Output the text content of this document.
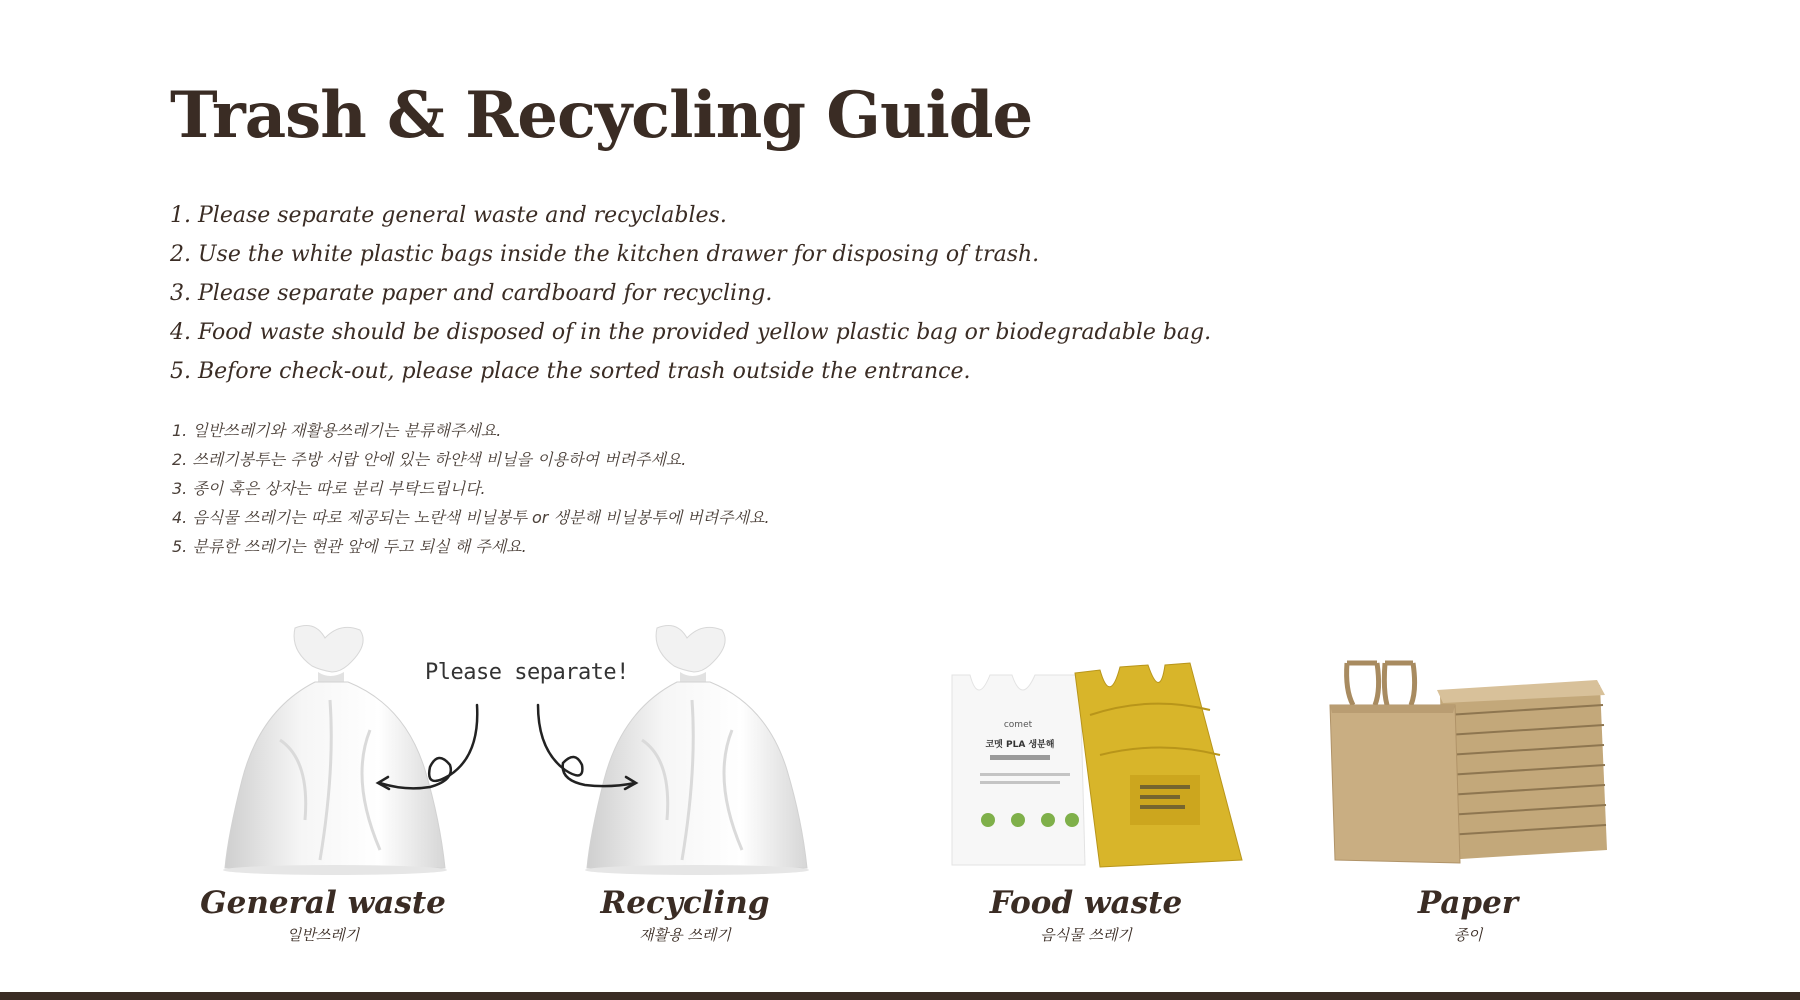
Trash & Recycling Guide
1. Please separate general waste and recyclables.
2. Use the white plastic bags inside the kitchen drawer for disposing of trash.
3. Please separate paper and cardboard for recycling.
4. Food waste should be disposed of in the provided yellow plastic bag or biodegradable bag.
5. Before check-out, please place the sorted trash outside the entrance.
1. 일반쓰레기와 재활용쓰레기는 분류해주세요.
2. 쓰레기봉투는 주방 서랍 안에 있는 하얀색 비닐을 이용하여 버려주세요.
3. 종이 혹은 상자는 따로 분리 부탁드립니다.
4. 음식물 쓰레기는 따로 제공되는 노란색 비닐봉투 or 생분해 비닐봉투에 버려주세요.
5. 분류한 쓰레기는 현관 앞에 두고 퇴실 해 주세요.
Please separate!
comet
코멧 PLA 생분해
General waste
일반쓰레기
Recycling
재활용 쓰레기
Food waste
음식물 쓰레기
Paper
종이
